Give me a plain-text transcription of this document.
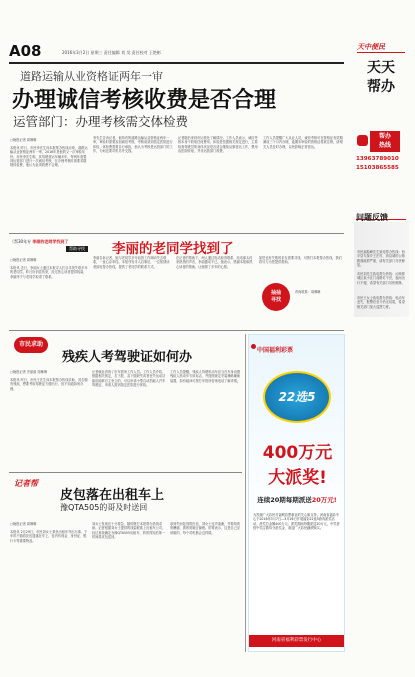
A08	2016年3月2日 星期三 责任编辑 刘 昊 责任校对 王艳彬
道路运输从业资格证两年一审
办理诚信考核收费是否合理
运管部门：办理考核需交体检费
□晚报记者 周琳琳
本报讯 昨日，市民李先生向本报帮办热线反映，道路运输从业资格证两年一审，2016年是他的又一次审验年份。市民李先生称，其驾驶营运车辆多年，每两年需要到运管部门进行一次诚信考核，在办理考核时被要求缴纳体检费，他认为此项收费不合理。
李先生告诉记者，他持有的道路运输从业资格证两年一审，审验时需要参加诚信考核，考核前须到指定医院进行体检，体检费需要自行承担，他认为考核是运管部门的工作，为何还要司机另外交钱。
记者随后来到市运管处了解情况。工作人员表示，诚信考核本身不收取任何费用，体检是依据相关规定进行，主要检查驾驶员的身体状况是否适合继续从事营运工作，费用由医院收取，并非运管部门收费。
工作人员提醒广大从业人员，诚信考核可在资格证有效期满前三个月内办理，逾期未审验的资格证将被注销，请相关人员及时办理，以免影响正常营运。
（帮30年专 李丽的老同学找到了
帮助寻找 李丽的老同学找到了
□晚报记者 周琳琳
本报讯 近日，李丽女士通过本报寻人栏目寻找失联多年的老同学，昨日好消息传来，经过热心读者提供线索，李丽终于与老同学取得了联系。
李丽告诉记者，她与老同学多年前因工作调动失去联系，一直心存牵挂。本报刊发寻人启事后，一位知情读者致电帮办热线，提供了老同学的联系方式。
在记者的帮助下，两人通过电话取得联系，电话那头传来熟悉的声音，李丽激动不已。她表示，感谢本报和热心读者的帮助，让她圆了多年的心愿。
如您也有失散的亲友需要寻找，可拨打本报帮办热线，我们将尽力为您提供帮助。
抽抽
寻找
咨询联系：周琳琳
市民求助
残疾人考驾驶证如何办
□晚报记者 史丽丽 周琳琳
本报讯 昨日，市民王先生向本报帮办热线求助，其右腿有残疾，想要考取驾驶证方便出行，但不知道如何办理。
记者就此咨询了市车管所工作人员。工作人员介绍，根据相关规定，右下肢、双下肢缺失或者丧失运动功能但能够自主坐立的，可以申请小型自动挡载人汽车驾驶证，申请人需到指定医院进行体检。
工作人员提醒，残疾人驾驶机动车应当在车身设置残疾人机动车专用标志，并按照规定安装操纵辅助装置，如有疑问可拨打车管所咨询电话了解详情。
记者帮
皮包落在出租车上
豫QTA505的哥及时送回
□晚报记者 周琳琳
本报讯 2月29日，市民刘女士乘坐出租车外出办事，下车时不慎将皮包遗落在车上，包内有现金、身份证、银行卡等重要物品。
刘女士发现后十分着急，随即拨打本报帮办热线求助。记者根据刘女士提供的线索联系上出租车公司，经过查找确定为豫QTA505出租车，的哥得知后第一时间将皮包送回。
拿到失而复得的皮包，刘女士连声道谢，并要给的哥酬谢，被的哥婉言谢绝。的哥表示，这是自己应该做的，每个司机都会这样做。
中国福利彩票
22选5
400万元
大派奖!
连续20期每期派送20万元!
为答谢广大彩民对福利彩票事业的关心和支持，河南省福彩中心于2016年3月7日—3月26日开展福彩22选5游戏派奖活动，派奖总金额400万元。派奖期间每期派送20万元，中奖者按中奖注数均分派奖金，欢迎广大彩民踊跃购买。
河南省福利彩票发行中心
天中便民
天天
帮办
帮办
热线
13963789010
15103865585
问题反馈
市民郝振峰先生致电帮办热线：西平县专探乡王庄村，到县城的公路路面破损严重，请有关部门尽快修复。
市民刘先生致电帮办热线：反映驿城区某小区门前路灯不亮，夜间出行不便，希望有关部门尽快维修。
市民王女士致电帮办热线：电动车丢失，报警后至今仍无结果，希望相关部门加大巡逻力度。
